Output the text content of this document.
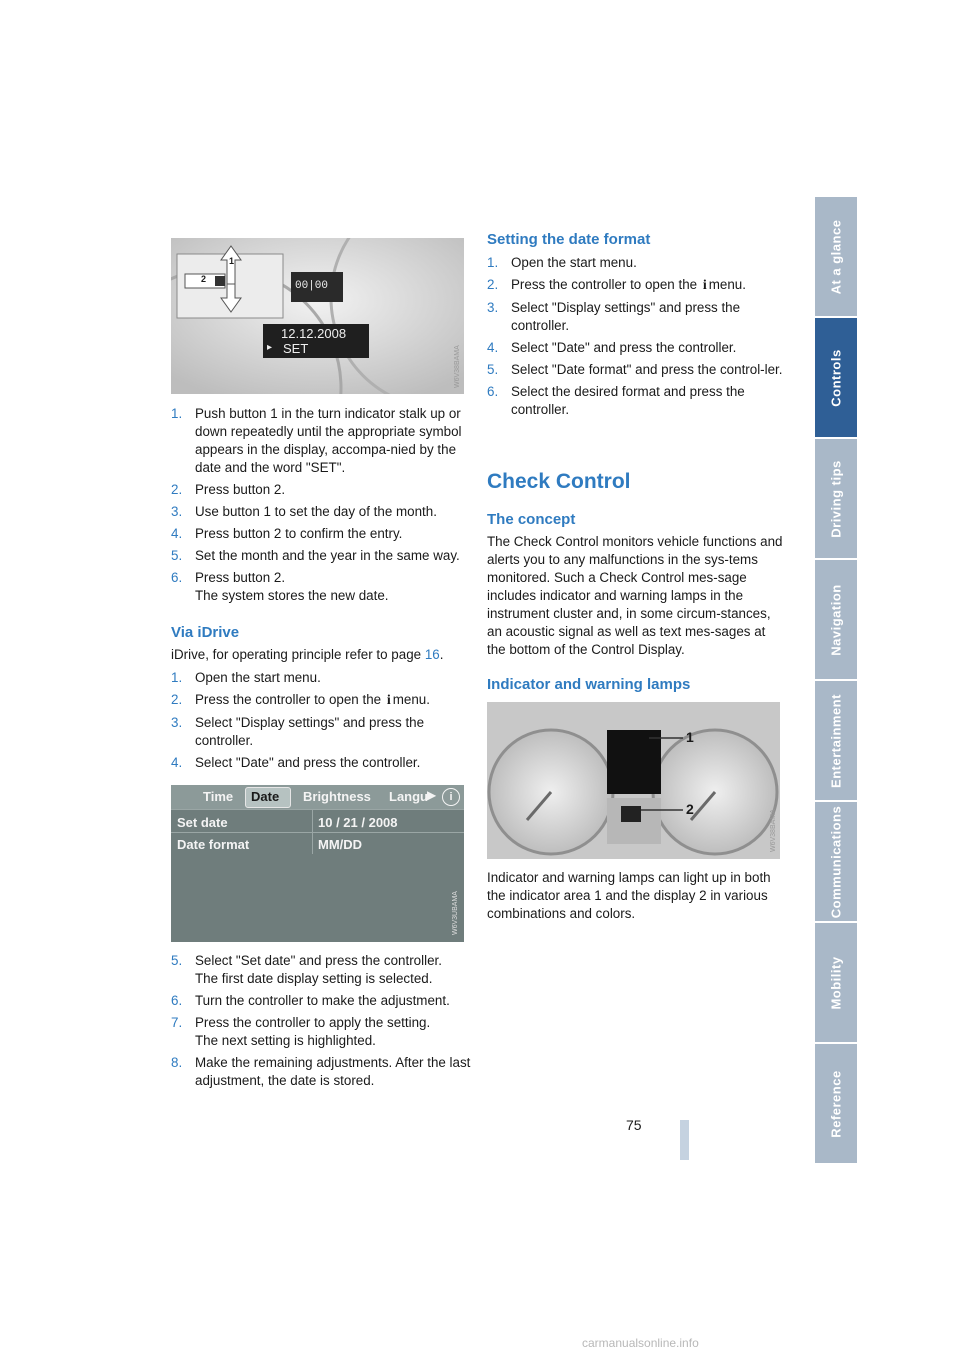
At a glance
Controls
Driving tips
Navigation
Entertainment
Communications
Mobility
Reference
2
1
00|00
12.12.2008
▸ SET	W6V38BAMA
1. Push button 1 in the turn indicator stalk up or down repeatedly until the appropriate symbol appears in the display, accompa-nied by the date and the word "SET".
2. Press button 2.
3. Use button 1 to set the day of the month.
4. Press button 2 to confirm the entry.
5. Set the month and the year in the same way.
6. Press button 2.
The system stores the new date.
Via iDrive
iDrive, for operating principle refer to page 16.
1. Open the start menu.
2. Press the controller to open the i menu.
3. Select "Display settings" and press the controller.
4. Select "Date" and press the controller.
Time Date Brightness Langu ▶	i
Set date	10 / 21 / 2008
Date format	MM/DD
W6V3UBAMA
5. Select "Set date" and press the controller.
The first date display setting is selected.
6. Turn the controller to make the adjustment.
7. Press the controller to apply the setting.
The next setting is highlighted.
8. Make the remaining adjustments. After the last adjustment, the date is stored.
Setting the date format
1. Open the start menu.
2. Press the controller to open the i menu.
3. Select "Display settings" and press the controller.
4. Select "Date" and press the controller.
5. Select "Date format" and press the control-ler.
6. Select the desired format and press the controller.
Check Control
The concept
The Check Control monitors vehicle functions and alerts you to any malfunctions in the sys-tems monitored. Such a Check Control mes-sage includes indicator and warning lamps in the instrument cluster and, in some circum-stances, an acoustic signal as well as text mes-sages at the bottom of the Control Display.
Indicator and warning lamps
1
2
W6V38BAMA
Indicator and warning lamps can light up in both the indicator area 1 and the display 2 in various combinations and colors.
75
carmanualsonline.info
